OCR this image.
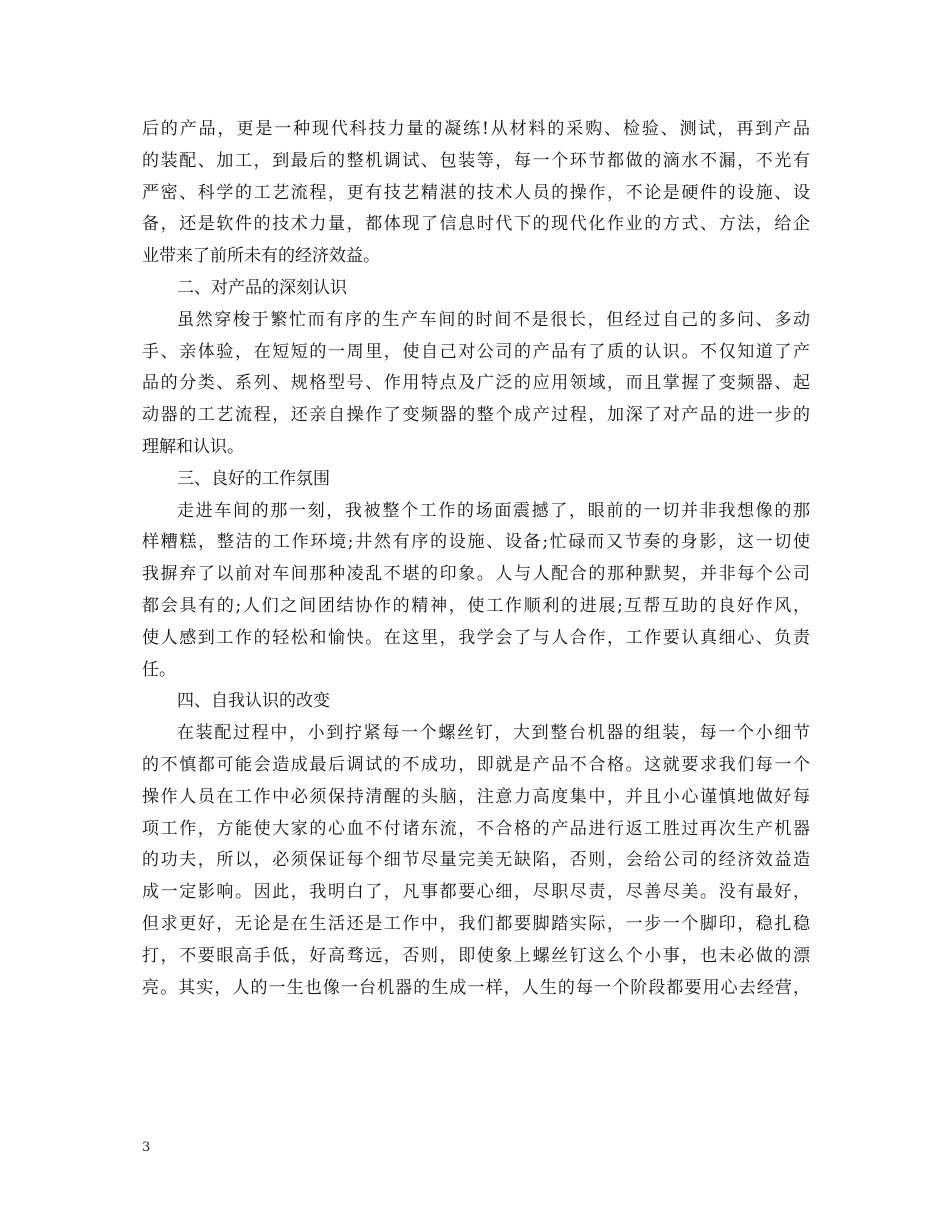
后的产品，更是一种现代科技力量的凝练!从材料的采购、检验、测试，再到产品
的装配、加工，到最后的整机调试、包装等，每一个环节都做的滴水不漏，不光有
严密、科学的工艺流程，更有技艺精湛的技术人员的操作，不论是硬件的设施、设
备，还是软件的技术力量，都体现了信息时代下的现代化作业的方式、方法，给企
业带来了前所未有的经济效益。
二、对产品的深刻认识
虽然穿梭于繁忙而有序的生产车间的时间不是很长，但经过自己的多问、多动
手、亲体验，在短短的一周里，使自己对公司的产品有了质的认识。不仅知道了产
品的分类、系列、规格型号、作用特点及广泛的应用领域，而且掌握了变频器、起
动器的工艺流程，还亲自操作了变频器的整个成产过程，加深了对产品的进一步的
理解和认识。
三、良好的工作氛围
走进车间的那一刻，我被整个工作的场面震撼了，眼前的一切并非我想像的那
样糟糕，整洁的工作环境;井然有序的设施、设备;忙碌而又节奏的身影，这一切使
我摒弃了以前对车间那种凌乱不堪的印象。人与人配合的那种默契，并非每个公司
都会具有的;人们之间团结协作的精神，使工作顺利的进展;互帮互助的良好作风，
使人感到工作的轻松和愉快。在这里，我学会了与人合作，工作要认真细心、负责
任。
四、自我认识的改变
在装配过程中，小到拧紧每一个螺丝钉，大到整台机器的组装，每一个小细节
的不慎都可能会造成最后调试的不成功，即就是产品不合格。这就要求我们每一个
操作人员在工作中必须保持清醒的头脑，注意力高度集中，并且小心谨慎地做好每
项工作，方能使大家的心血不付诸东流，不合格的产品进行返工胜过再次生产机器
的功夫，所以，必须保证每个细节尽量完美无缺陷，否则，会给公司的经济效益造
成一定影响。因此，我明白了，凡事都要心细，尽职尽责，尽善尽美。没有最好，
但求更好，无论是在生活还是工作中，我们都要脚踏实际，一步一个脚印，稳扎稳
打，不要眼高手低，好高骛远，否则，即使象上螺丝钉这么个小事，也未必做的漂
亮。其实，人的一生也像一台机器的生成一样，人生的每一个阶段都要用心去经营，
3
